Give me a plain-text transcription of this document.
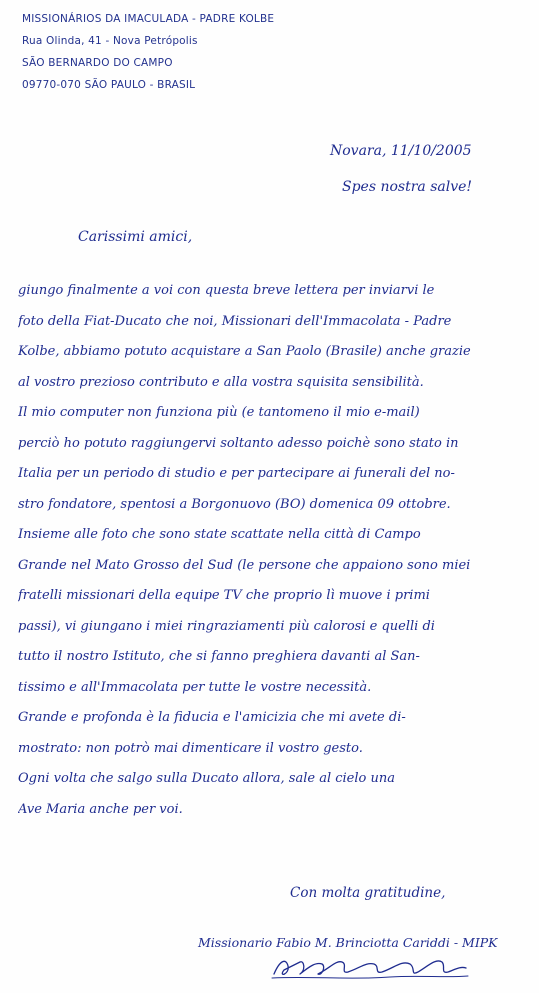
MISSIONÁRIOS DA IMACULADA - PADRE KOLBE
Rua Olinda, 41 - Nova Petrópolis
SÃO BERNARDO DO CAMPO
09770-070 SÃO PAULO - BRASIL
Novara, 11/10/2005
Spes nostra salve!
Carissimi amici,
giungo finalmente a voi con questa breve lettera per inviarvi le
foto della Fiat-Ducato che noi, Missionari dell'Immacolata - Padre
Kolbe, abbiamo potuto acquistare a San Paolo (Brasile) anche grazie
al vostro prezioso contributo e alla vostra squisita sensibilità.
Il mio computer non funziona più (e tantomeno il mio e-mail)
perciò ho potuto raggiungervi soltanto adesso poichè sono stato in
Italia per un periodo di studio e per partecipare ai funerali del no-
stro fondatore, spentosi a Borgonuovo (BO) domenica 09 ottobre.
Insieme alle foto che sono state scattate nella città di Campo
Grande nel Mato Grosso del Sud (le persone che appaiono sono miei
fratelli missionari della equipe TV che proprio lì muove i primi
passi), vi giungano i miei ringraziamenti più calorosi e quelli di
tutto il nostro Istituto, che si fanno preghiera davanti al San-
tissimo e all'Immacolata per tutte le vostre necessità.
Grande e profonda è la fiducia e l'amicizia che mi avete di-
mostrato: non potrò mai dimenticare il vostro gesto.
Ogni volta che salgo sulla Ducato allora, sale al cielo una
Ave Maria anche per voi.
Con molta gratitudine,
Missionario Fabio M. Brinciotta Cariddi - MIPK
